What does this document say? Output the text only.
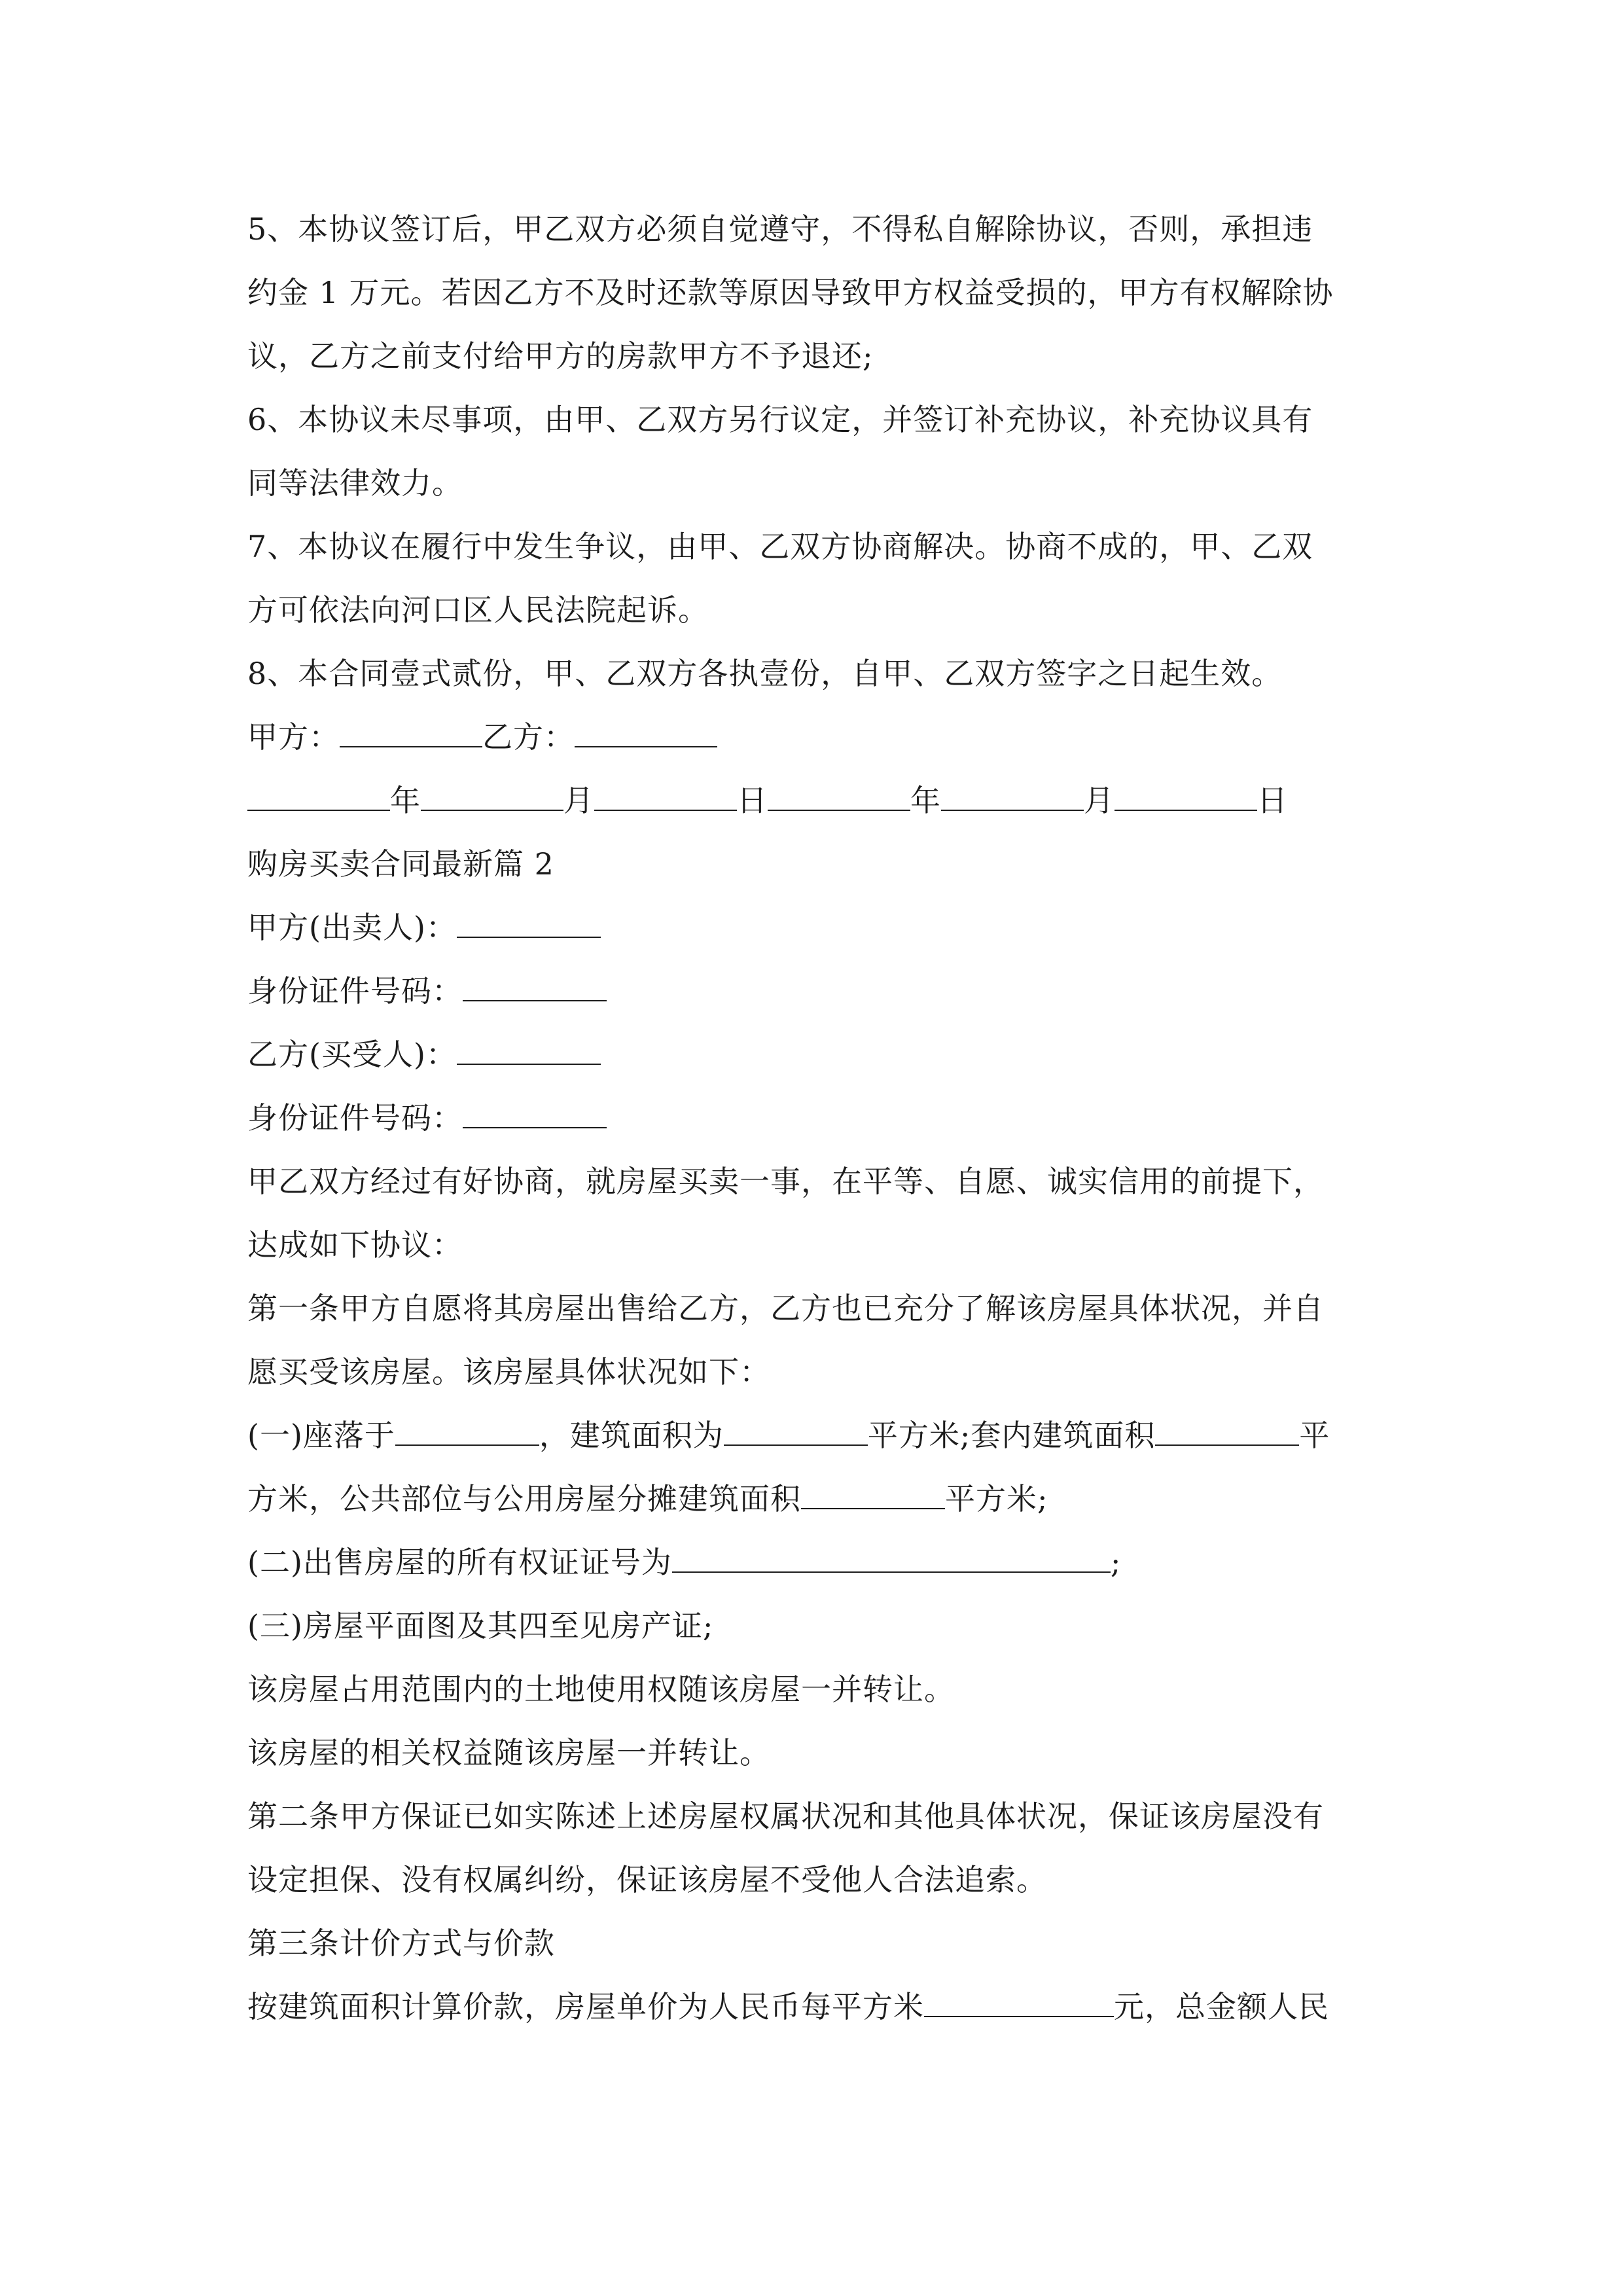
5、本协议签订后，甲乙双方必须自觉遵守，不得私自解除协议，否则，承担违
约金 1 万元。若因乙方不及时还款等原因导致甲方权益受损的，甲方有权解除协
议，乙方之前支付给甲方的房款甲方不予退还;
6、本协议未尽事项，由甲、乙双方另行议定，并签订补充协议，补充协议具有
同等法律效力。
7、本协议在履行中发生争议，由甲、乙双方协商解决。协商不成的，甲、乙双
方可依法向河口区人民法院起诉。
8、本合同壹式贰份，甲、乙双方各执壹份，自甲、乙双方签字之日起生效。
甲方：	乙方：
年	月	日	年	月	日
购房买卖合同最新篇 2
甲方(出卖人)：
身份证件号码：
乙方(买受人)：
身份证件号码：
甲乙双方经过有好协商，就房屋买卖一事，在平等、自愿、诚实信用的前提下，
达成如下协议：
第一条甲方自愿将其房屋出售给乙方，乙方也已充分了解该房屋具体状况，并自
愿买受该房屋。该房屋具体状况如下：
(一)座落于	，建筑面积为	平方米;套内建筑面积	平
方米，公共部位与公用房屋分摊建筑面积	平方米;
(二)出售房屋的所有权证证号为	;
(三)房屋平面图及其四至见房产证;
该房屋占用范围内的土地使用权随该房屋一并转让。
该房屋的相关权益随该房屋一并转让。
第二条甲方保证已如实陈述上述房屋权属状况和其他具体状况，保证该房屋没有
设定担保、没有权属纠纷，保证该房屋不受他人合法追索。
第三条计价方式与价款
按建筑面积计算价款，房屋单价为人民币每平方米	元，总金额人民
